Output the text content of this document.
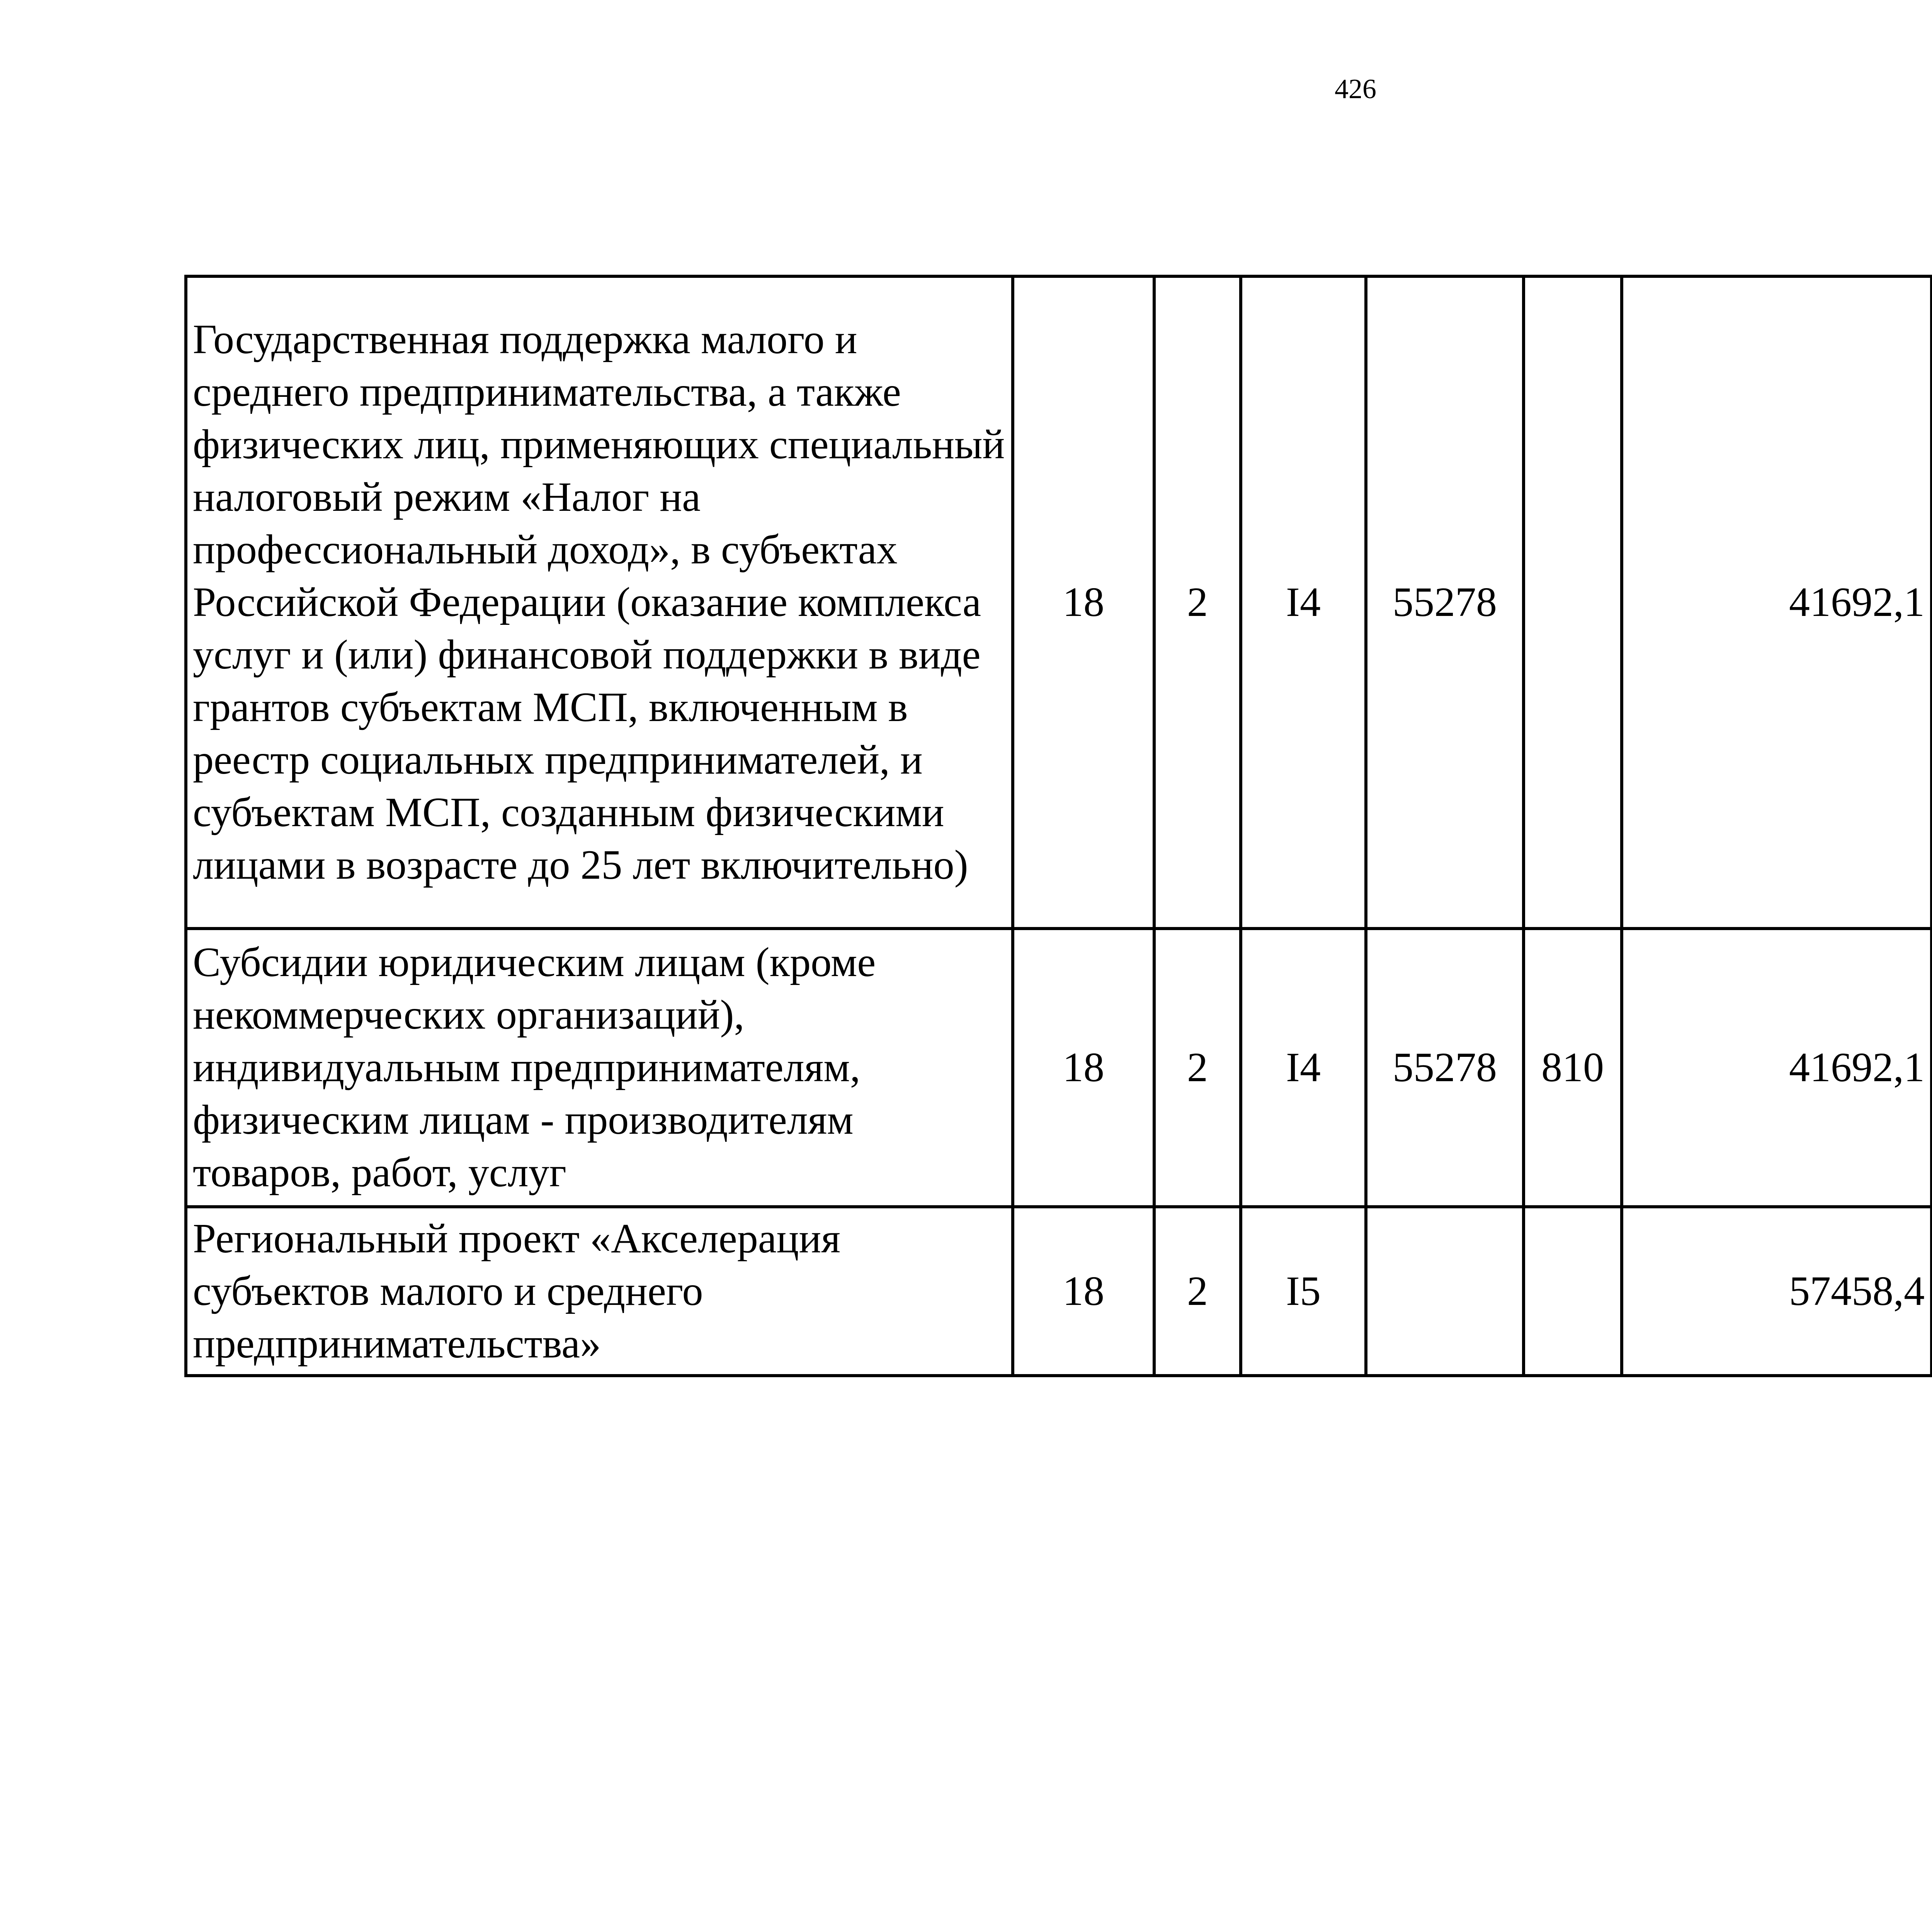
426
Государственная поддержка малого и среднего предпринимательства, а также физических лиц, применяющих специальный налоговый режим «Налог на профессиональный доход», в субъектах Российской Федерации (оказание комплекса услуг и (или) финансовой поддержки в виде грантов субъектам МСП, включенным в реестр социальных предпринимателей, и субъектам МСП, созданным физическими лицами в возрасте до 25 лет включительно)	18	2	I4	55278		41692,1		
Субсидии юридическим лицам (кроме некоммерческих организаций), индивидуальным предпринимателям, физическим лицам - производителям товаров, работ, услуг	18	2	I4	55278	810	41692,1		
Региональный проект «Акселерация субъектов малого и среднего предпринимательства»	18	2	I5			57458,4		
